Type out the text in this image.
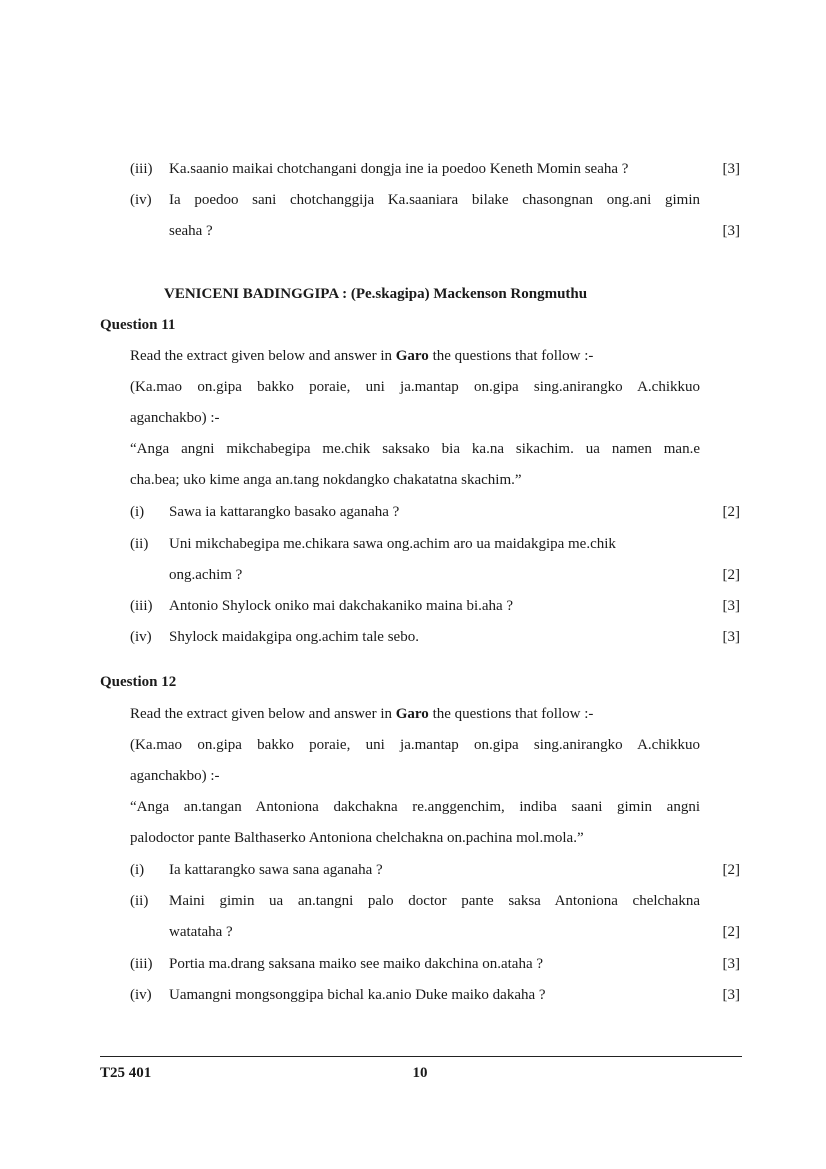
(iii) Ka.saanio maikai chotchangani dongja ine ia poedoo Keneth Momin seaha ?	[3]
(iv) Ia poedoo sani chotchanggija Ka.saaniara bilake chasongnan ong.ani gimin
seaha ?	[3]
VENICENI BADINGGIPA : (Pe.skagipa) Mackenson Rongmuthu
Question 11
Read the extract given below and answer in Garo the questions that follow :-
(Ka.mao on.gipa bakko poraie, uni ja.mantap on.gipa sing.anirangko A.chikkuo
aganchakbo) :-
“Anga angni mikchabegipa me.chik saksako bia ka.na sikachim. ua namen man.e
cha.bea; uko kime anga an.tang nokdangko chakatatna skachim.”
(i) Sawa ia kattarangko basako aganaha ?	[2]
(ii) Uni mikchabegipa me.chikara sawa ong.achim aro ua maidakgipa me.chik
ong.achim ?	[2]
(iii) Antonio Shylock oniko mai dakchakaniko maina bi.aha ?	[3]
(iv) Shylock maidakgipa ong.achim tale sebo.	[3]
Question 12
Read the extract given below and answer in Garo the questions that follow :-
(Ka.mao on.gipa bakko poraie, uni ja.mantap on.gipa sing.anirangko A.chikkuo
aganchakbo) :-
“Anga an.tangan Antoniona dakchakna re.anggenchim, indiba saani gimin angni
palodoctor pante Balthaserko Antoniona chelchakna on.pachina mol.mola.”
(i) Ia kattarangko sawa sana aganaha ?	[2]
(ii) Maini gimin ua an.tangni palo doctor pante saksa Antoniona chelchakna
watataha ?	[2]
(iii) Portia ma.drang saksana maiko see maiko dakchina on.ataha ?	[3]
(iv) Uamangni mongsonggipa bichal ka.anio Duke maiko dakaha ?	[3]
T25 401	10
